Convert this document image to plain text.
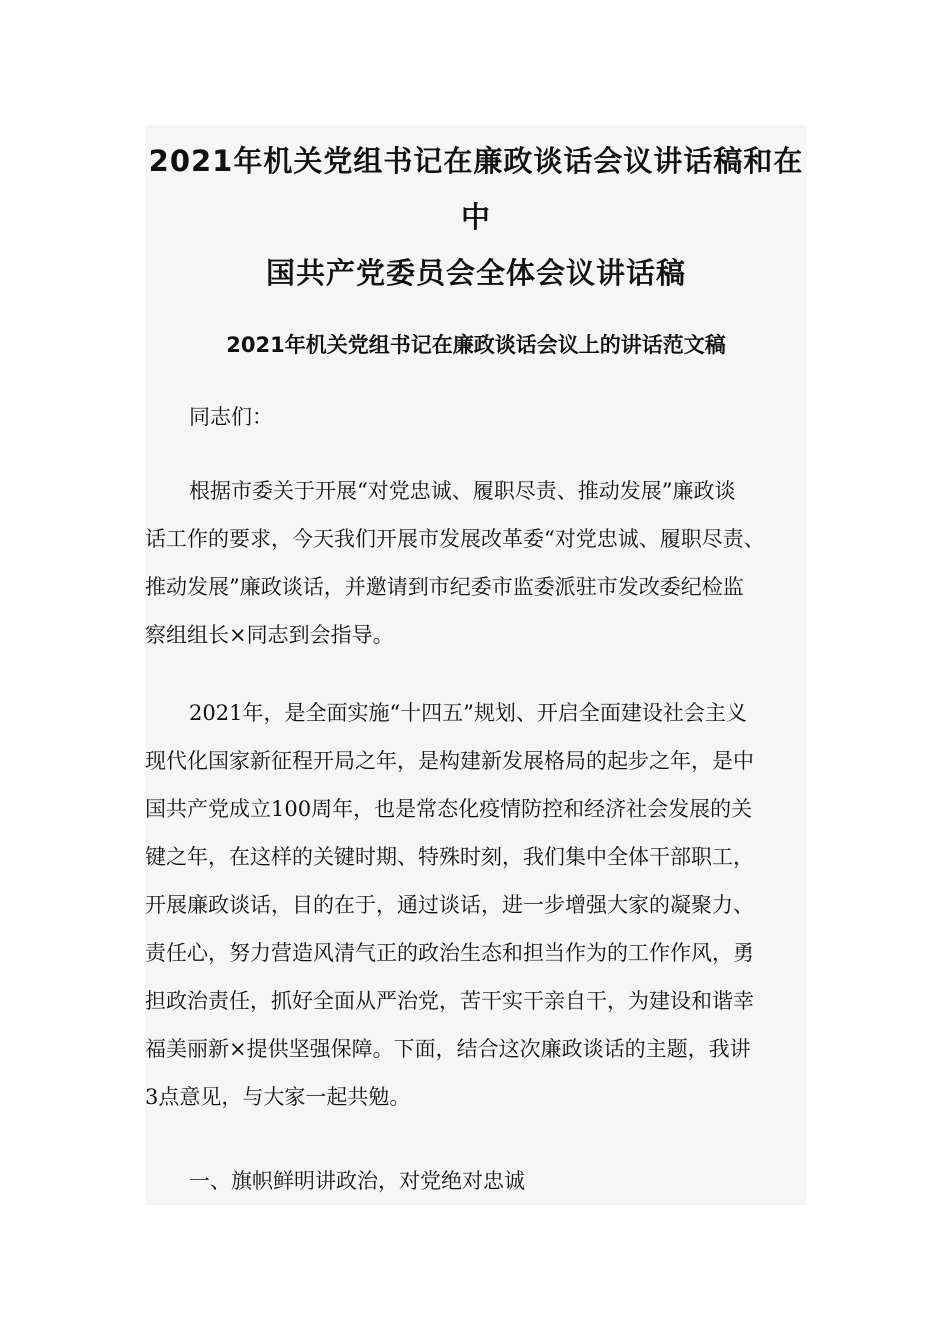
2021年机关党组书记在廉政谈话会议讲话稿和在中
国共产党委员会全体会议讲话稿
2021年机关党组书记在廉政谈话会议上的讲话范文稿
同志们：
根据市委关于开展“对党忠诚、履职尽责、推动发展”廉政谈
话工作的要求，今天我们开展市发展改革委“对党忠诚、履职尽责、
推动发展”廉政谈话，并邀请到市纪委市监委派驻市发改委纪检监
察组组长×同志到会指导。
2021年，是全面实施“十四五”规划、开启全面建设社会主义
现代化国家新征程开局之年，是构建新发展格局的起步之年，是中
国共产党成立100周年，也是常态化疫情防控和经济社会发展的关
键之年，在这样的关键时期、特殊时刻，我们集中全体干部职工，
开展廉政谈话，目的在于，通过谈话，进一步增强大家的凝聚力、
责任心，努力营造风清气正的政治生态和担当作为的工作作风，勇
担政治责任，抓好全面从严治党，苦干实干亲自干，为建设和谐幸
福美丽新×提供坚强保障。下面，结合这次廉政谈话的主题，我讲
3点意见，与大家一起共勉。
一、旗帜鲜明讲政治，对党绝对忠诚
